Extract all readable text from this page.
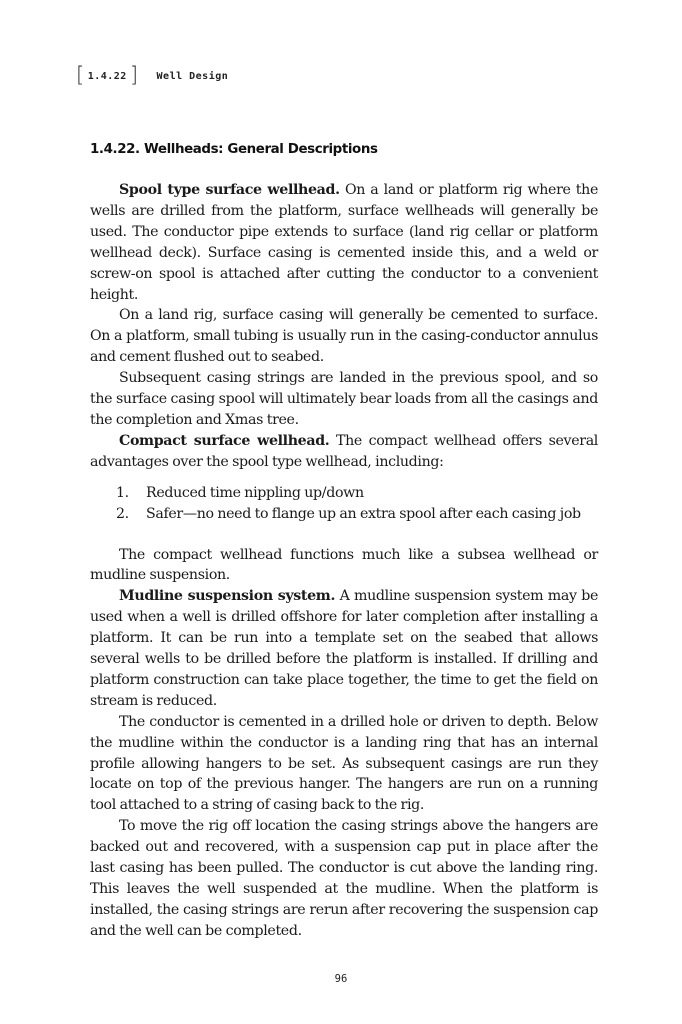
[ 1.4.22 ] Well Design
1.4.22. Wellheads: General Descriptions

Spool type surface wellhead. On a land or platform rig where the wells are drilled from the platform, surface wellheads will generally be used. The conductor pipe extends to surface (land rig cellar or platform wellhead deck). Surface casing is cemented inside this, and a weld or screw-on spool is attached after cutting the conductor to a convenient height.

On a land rig, surface casing will generally be cemented to surface. On a platform, small tubing is usually run in the casing-conductor annulus and cement flushed out to seabed.

Subsequent casing strings are landed in the previous spool, and so the surface casing spool will ultimately bear loads from all the casings and the completion and Xmas tree.

Compact surface wellhead. The compact wellhead offers several advantages over the spool type wellhead, including:

1.	Reduced time nippling up/down
2.	Safer—no need to flange up an extra spool after each casing job

The compact wellhead functions much like a subsea wellhead or mudline suspension.

Mudline suspension system. A mudline suspension system may be used when a well is drilled offshore for later completion after installing a platform. It can be run into a template set on the seabed that allows several wells to be drilled before the platform is installed. If drilling and platform construction can take place together, the time to get the field on stream is reduced.

The conductor is cemented in a drilled hole or driven to depth. Below the mudline within the conductor is a landing ring that has an internal profile allowing hangers to be set. As subsequent casings are run they locate on top of the previous hanger. The hangers are run on a running tool attached to a string of casing back to the rig.

To move the rig off location the casing strings above the hangers are backed out and recovered, with a suspension cap put in place after the last casing has been pulled. The conductor is cut above the landing ring. This leaves the well suspended at the mudline. When the platform is installed, the casing strings are rerun after recovering the suspension cap and the well can be completed.

96
